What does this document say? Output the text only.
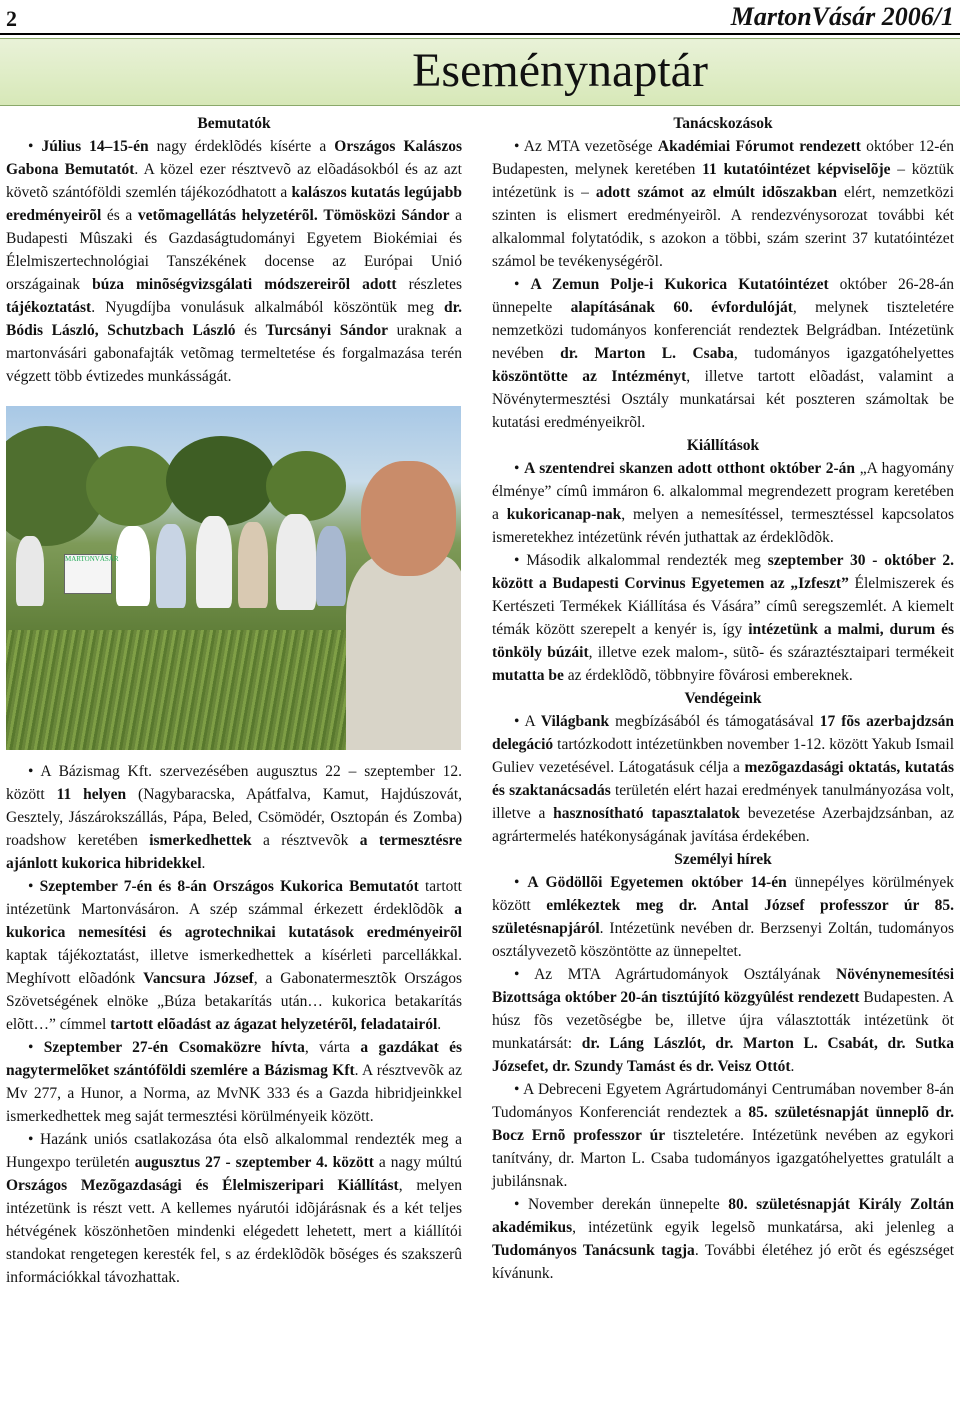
2	MartonVásár 2006/1
Eseménynaptár
Bemutatók

• Július 14–15-én nagy érdeklõdés kísérte a Országos Kalászos Gabona Bemutatót. A közel ezer résztvevõ az elõadásokból és az azt követõ szántóföldi szemlén tájékozódhatott a kalászos kutatás legújabb eredményeirõl és a vetõmagellátás helyzetérõl. Tömösközi Sándor a Budapesti Mûszaki és Gazdaságtudományi Egyetem Biokémiai és Élelmiszertechnológiai Tanszékének docense az Európai Unió országainak búza minõségvizsgálati módszereirõl adott részletes tájékoztatást. Nyugdíjba vonulásuk alkalmából köszöntük meg dr. Bódis László, Schutzbach László és Turcsányi Sándor uraknak a martonvásári gabonafajták vetõmag termeltetése és forgalmazása terén végzett több évtizedes munkásságát.

MARTONVÁSÁR

• A Bázismag Kft. szervezésében augusztus 22 – szeptember 12. között 11 helyen (Nagybaracska, Apátfalva, Kamut, Hajdúszovát, Gesztely, Jászárokszállás, Pápa, Beled, Csömödér, Osztopán és Zomba) roadshow keretében ismerkedhettek a résztvevõk a termesztésre ajánlott kukorica hibridekkel.

• Szeptember 7-én és 8-án Országos Kukorica Bemutatót tartott intézetünk Martonvásáron. A szép számmal érkezett érdeklõdõk a kukorica nemesítési és agrotechnikai kutatások eredményeirõl kaptak tájékoztatást, illetve ismerkedhettek a kísérleti parcellákkal. Meghívott elõadónk Vancsura József, a Gabonatermesztõk Országos Szövetségének elnöke „Búza betakarítás után… kukorica betakarítás elõtt…” címmel tartott elõadást az ágazat helyzetérõl, feladatairól.

• Szeptember 27-én Csomaközre hívta, várta a gazdákat és nagytermelõket szántóföldi szemlére a Bázismag Kft. A résztvevõk az Mv 277, a Hunor, a Norma, az MvNK 333 és a Gazda hibridjeinkkel ismerkedhettek meg saját termesztési körülményeik között.

• Hazánk uniós csatlakozása óta elsõ alkalommal rendezték meg a Hungexpo területén augusztus 27 - szeptember 4. között a nagy múltú Országos Mezõgazdasági és Élelmiszeripari Kiállítást, melyen intézetünk is részt vett. A kellemes nyárutói idõjárásnak és a két teljes hétvégének köszönhetõen mindenki elégedett lehetett, mert a kiállítói standokat rengetegen keresték fel, s az érdeklõdõk bõséges és szakszerû információkkal távozhattak.

Tanácskozások

• Az MTA vezetõsége Akadémiai Fórumot rendezett október 12-én Budapesten, melynek keretében 11 kutatóintézet képviselõje – köztük intézetünk is – adott számot az elmúlt idõszakban elért, nemzetközi szinten is elismert eredményeirõl. A rendezvénysorozat további két alkalommal folytatódik, s azokon a többi, szám szerint 37 kutatóintézet számol be tevékenységérõl.

• A Zemun Polje-i Kukorica Kutatóintézet október 26-28-án ünnepelte alapításának 60. évfordulóját, melynek tiszteletére nemzetközi tudományos konferenciát rendeztek Belgrádban. Intézetünk nevében dr. Marton L. Csaba, tudományos igazgatóhelyettes köszöntötte az Intézményt, illetve tartott elõadást, valamint a Növénytermesztési Osztály munkatársai két poszteren számoltak be kutatási eredményeikrõl.

Kiállítások

• A szentendrei skanzen adott otthont október 2-án „A hagyomány élménye” címû immáron 6. alkalommal megrendezett program keretében a kukoricanap-nak, melyen a nemesítéssel, termesztéssel kapcsolatos ismeretekhez intézetünk révén juthattak az érdeklõdõk.

• Második alkalommal rendezték meg szeptember 30 - október 2. között a Budapesti Corvinus Egyetemen az „Izfeszt” Élelmiszerek és Kertészeti Termékek Kiállítása és Vására” címû seregszemlét. A kiemelt témák között szerepelt a kenyér is, így intézetünk a malmi, durum és tönköly búzáit, illetve ezek malom-, sütõ- és száraztésztaipari termékeit mutatta be az érdeklõdõ, többnyire fõvárosi embereknek.

Vendégeink

• A Világbank megbízásából és támogatásával 17 fõs azerbajdzsán delegáció tartózkodott intézetünkben november 1-12. között Yakub Ismail Guliev vezetésével. Látogatásuk célja a mezõgazdasági oktatás, kutatás és szaktanácsadás területén elért hazai eredmények tanulmányozása volt, illetve a hasznosítható tapasztalatok bevezetése Azerbajdzsánban, az agrártermelés hatékonyságának javítása érdekében.

Személyi hírek

• A Gödöllõi Egyetemen október 14-én ünnepélyes körülmények között emlékeztek meg dr. Antal József professzor úr 85. születésnapjáról. Intézetünk nevében dr. Berzsenyi Zoltán, tudományos osztályvezetõ köszöntötte az ünnepeltet.

• Az MTA Agrártudományok Osztályának Növénynemesítési Bizottsága október 20-án tisztújító közgyûlést rendezett Budapesten. A húsz fõs vezetõségbe be, illetve újra választották intézetünk öt munkatársát: dr. Láng Lászlót, dr. Marton L. Csabát, dr. Sutka Józsefet, dr. Szundy Tamást és dr. Veisz Ottót.

• A Debreceni Egyetem Agrártudományi Centrumában november 8-án Tudományos Konferenciát rendeztek a 85. születésnapját ünneplõ dr. Bocz Ernõ professzor úr tiszteletére. Intézetünk nevében az egykori tanítvány, dr. Marton L. Csaba tudományos igazgatóhelyettes gratulált a jubilánsnak.

• November derekán ünnepelte 80. születésnapját Király Zoltán akadémikus, intézetünk egyik legelsõ munkatársa, aki jelenleg a Tudományos Tanácsunk tagja. További életéhez jó erõt és egészséget kívánunk.
